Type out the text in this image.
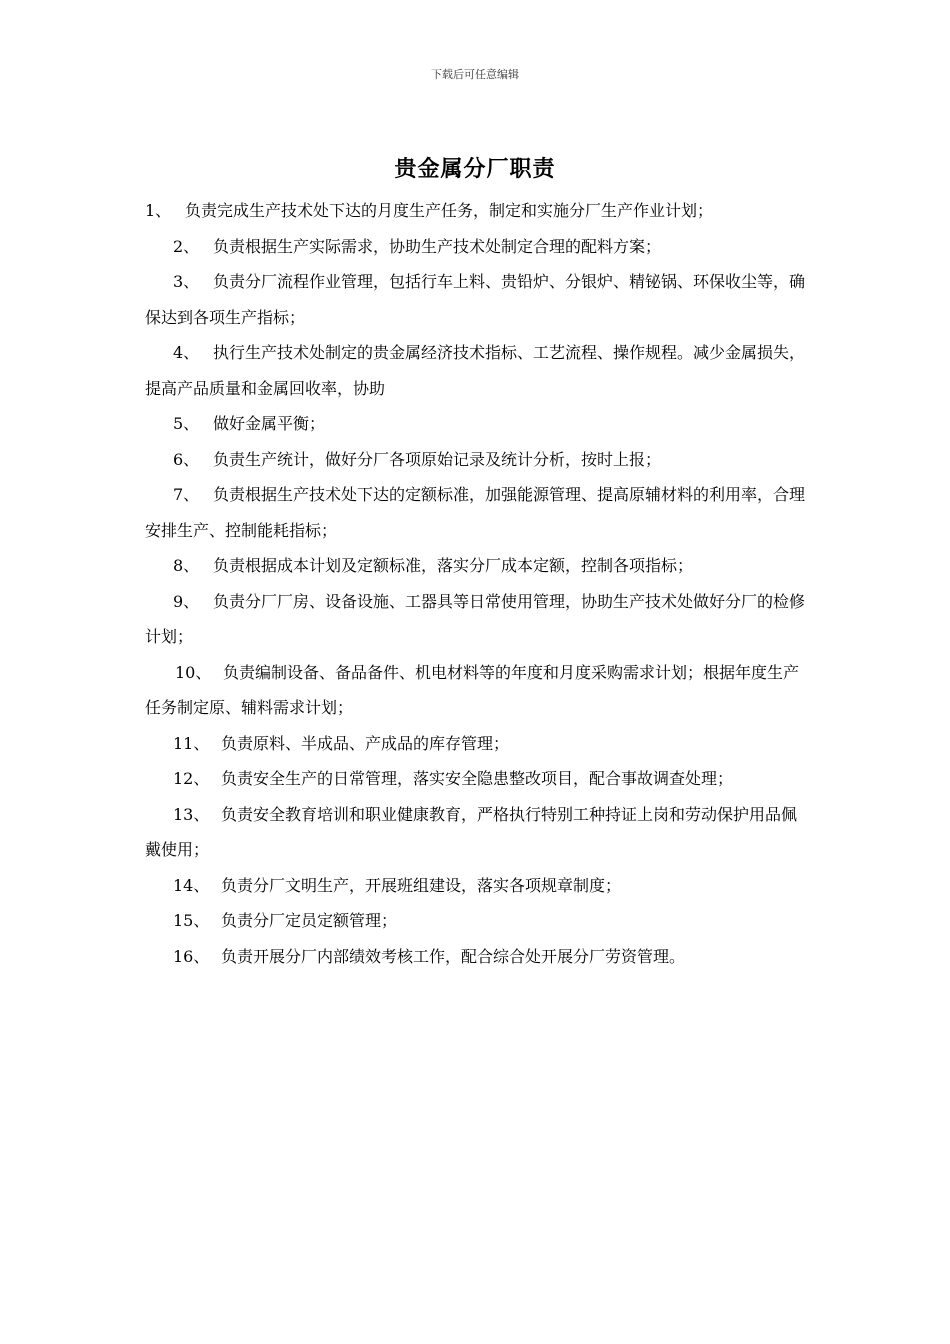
下载后可任意编辑
贵金属分厂职责

1、 负责完成生产技术处下达的月度生产任务，制定和实施分厂生产作业计划；

2、 负责根据生产实际需求，协助生产技术处制定合理的配料方案；

3、 负责分厂流程作业管理，包括行车上料、贵铅炉、分银炉、精铋锅、环保收尘等，确保达到各项生产指标；

4、 执行生产技术处制定的贵金属经济技术指标、工艺流程、操作规程。减少金属损失，提高产品质量和金属回收率，协助

5、 做好金属平衡；

6、 负责生产统计，做好分厂各项原始记录及统计分析，按时上报；

7、 负责根据生产技术处下达的定额标准，加强能源管理、提高原辅材料的利用率，合理安排生产、控制能耗指标；

8、 负责根据成本计划及定额标准，落实分厂成本定额，控制各项指标；

9、 负责分厂厂房、设备设施、工器具等日常使用管理，协助生产技术处做好分厂的检修计划；

10、 负责编制设备、备品备件、机电材料等的年度和月度采购需求计划；根据年度生产任务制定原、辅料需求计划；

11、 负责原料、半成品、产成品的库存管理；

12、 负责安全生产的日常管理，落实安全隐患整改项目，配合事故调查处理；

13、 负责安全教育培训和职业健康教育，严格执行特别工种持证上岗和劳动保护用品佩戴使用；

14、 负责分厂文明生产，开展班组建设，落实各项规章制度；

15、 负责分厂定员定额管理；

16、 负责开展分厂内部绩效考核工作，配合综合处开展分厂劳资管理。
